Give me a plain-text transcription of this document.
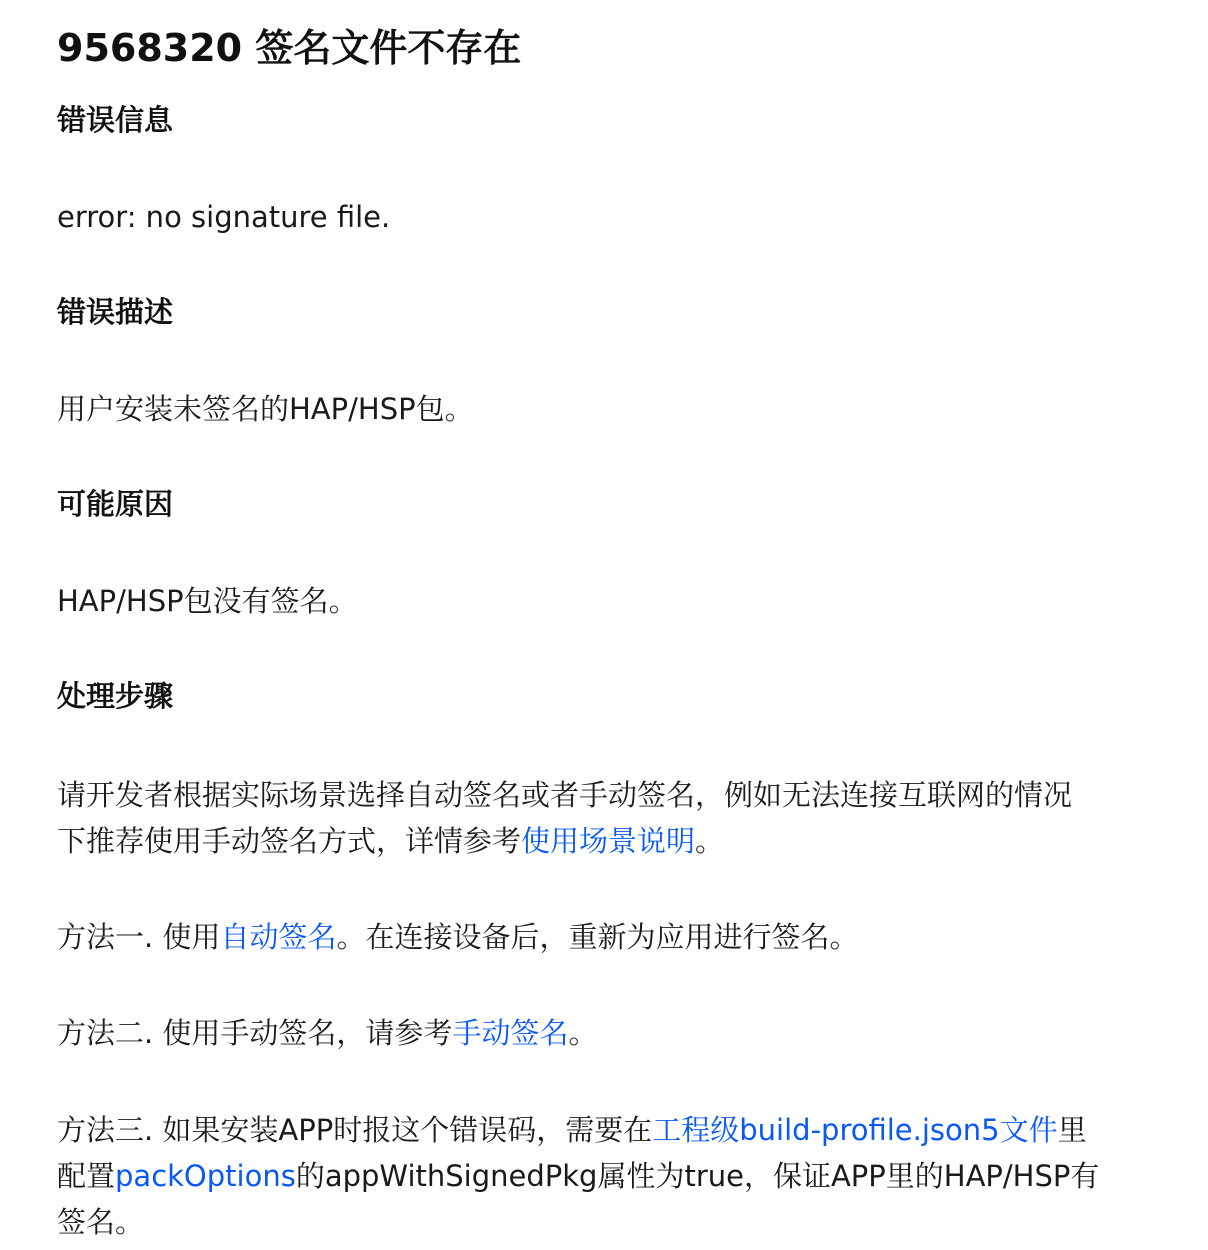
9568320 签名文件不存在
错误信息

error: no signature file.

错误描述

用户安装未签名的HAP/HSP包。

可能原因

HAP/HSP包没有签名。

处理步骤

请开发者根据实际场景选择自动签名或者手动签名，例如无法连接互联网的情况
下推荐使用手动签名方式，详情参考使用场景说明。

方法一. 使用自动签名。在连接设备后，重新为应用进行签名。

方法二. 使用手动签名，请参考手动签名。

方法三. 如果安装APP时报这个错误码，需要在工程级build-profile.json5文件里
配置packOptions的appWithSignedPkg属性为true，保证APP里的HAP/HSP有
签名。
